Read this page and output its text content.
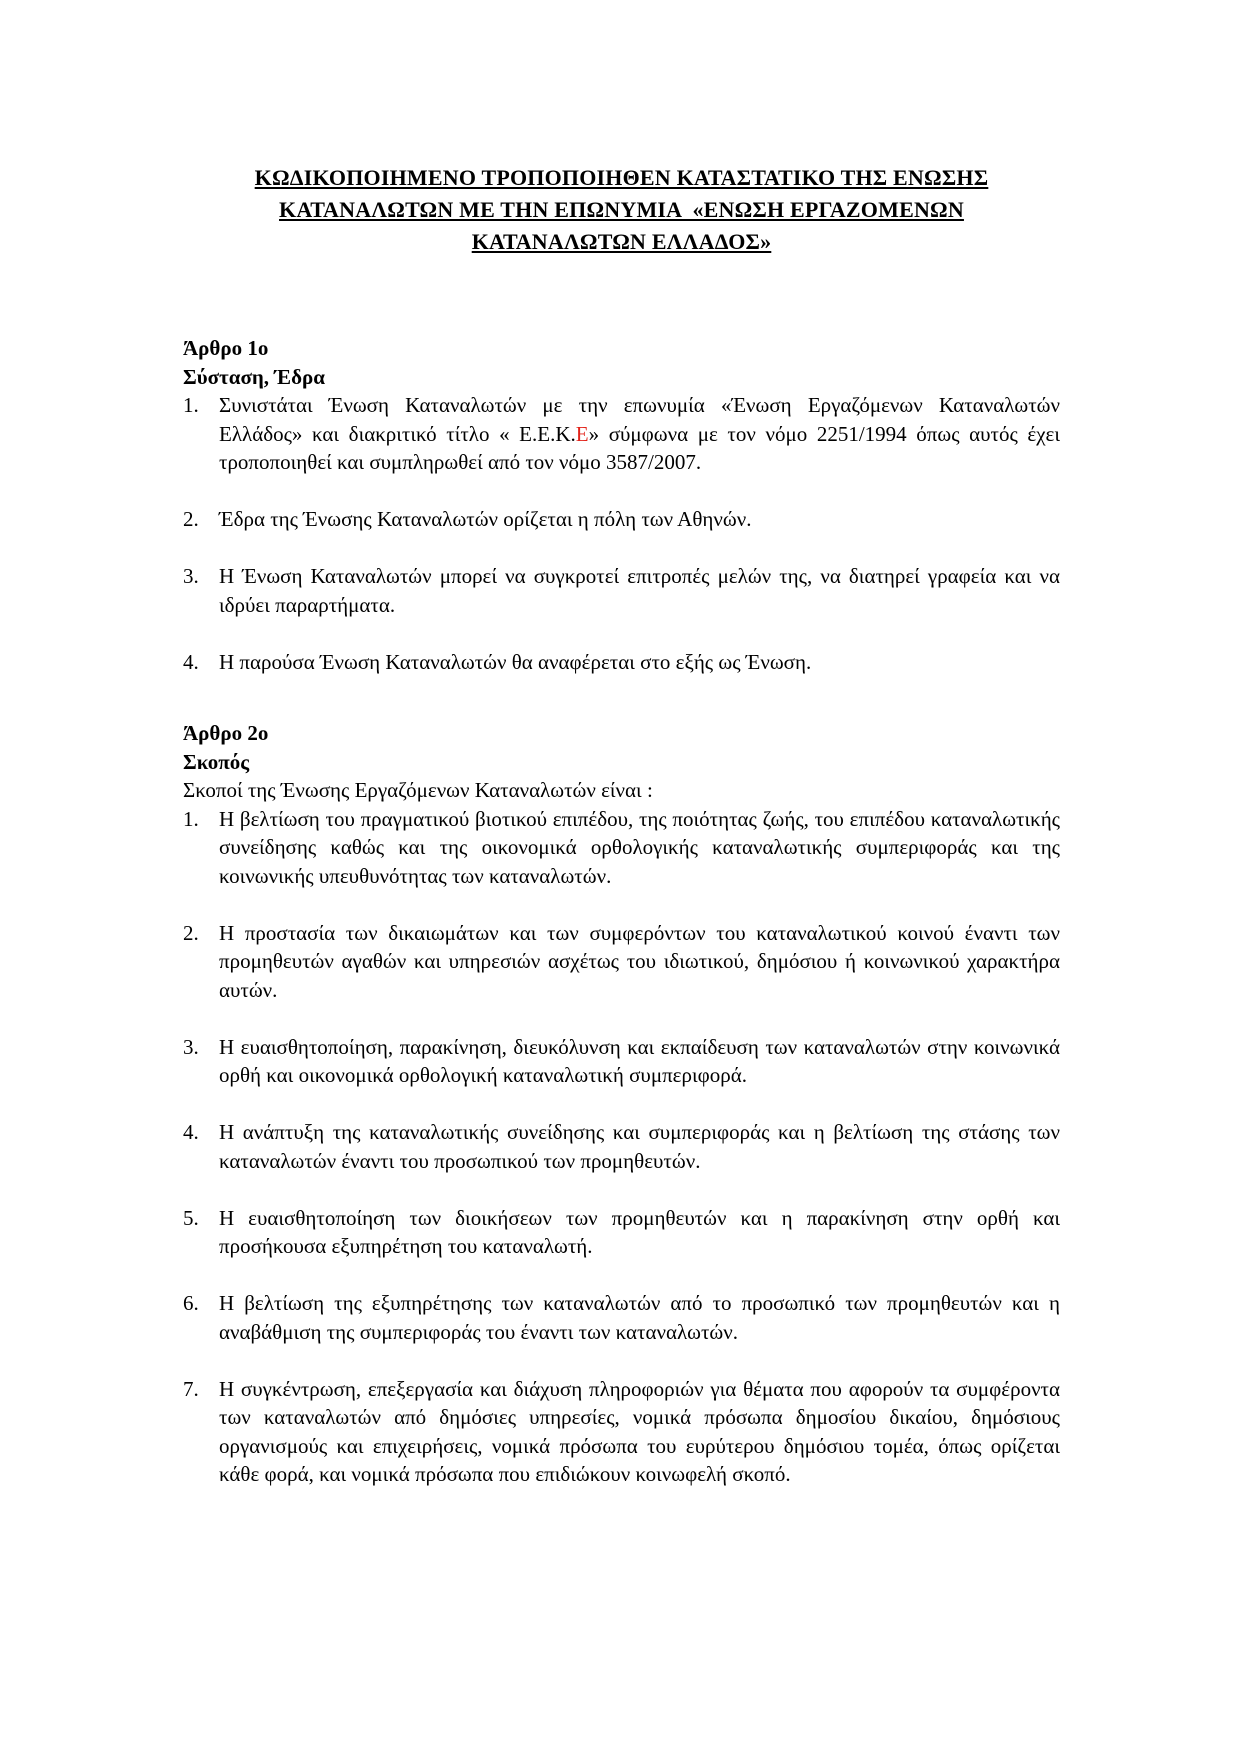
ΚΩΔΙΚΟΠΟΙΗΜΕΝΟ ΤΡΟΠΟΠΟΙΗΘΕΝ ΚΑΤΑΣΤΑΤΙΚΟ ΤΗΣ ΕΝΩΣΗΣ
ΚΑΤΑΝΑΛΩΤΩΝ ΜΕ ΤΗΝ ΕΠΩΝΥΜΙΑ  «ΕΝΩΣΗ ΕΡΓΑΖΟΜΕΝΩΝ
ΚΑΤΑΝΑΛΩΤΩΝ ΕΛΛΑΔΟΣ»
Άρθρο 1ο
Σύσταση, Έδρα
Συνιστάται Ένωση Καταναλωτών με την επωνυμία «Ένωση Εργαζόμενων Καταναλωτών Ελλάδος» και διακριτικό τίτλο « Ε.Ε.Κ.Ε» σύμφωνα με τον νόμο 2251/1994 όπως αυτός έχει τροποποιηθεί και συμπληρωθεί από τον νόμο 3587/2007.
Έδρα της Ένωσης Καταναλωτών ορίζεται η πόλη των Αθηνών.
Η Ένωση Καταναλωτών μπορεί να συγκροτεί επιτροπές μελών της, να διατηρεί γραφεία και να ιδρύει παραρτήματα.
Η παρούσα Ένωση Καταναλωτών θα αναφέρεται στο εξής ως Ένωση.
Άρθρο 2ο
Σκοπός

Σκοποί της Ένωσης Εργαζόμενων Καταναλωτών είναι :

Η βελτίωση του πραγματικού βιοτικού επιπέδου, της ποιότητας ζωής, του επιπέδου καταναλωτικής συνείδησης καθώς και της οικονομικά ορθολογικής καταναλωτικής συμπεριφοράς και της κοινωνικής υπευθυνότητας των καταναλωτών.
Η προστασία των δικαιωμάτων και των συμφερόντων του καταναλωτικού κοινού έναντι των προμηθευτών αγαθών και υπηρεσιών ασχέτως του ιδιωτικού, δημόσιου ή κοινωνικού χαρακτήρα αυτών.
Η ευαισθητοποίηση, παρακίνηση, διευκόλυνση και εκπαίδευση των καταναλωτών στην κοινωνικά ορθή και οικονομικά ορθολογική καταναλωτική συμπεριφορά.
Η ανάπτυξη της καταναλωτικής συνείδησης και συμπεριφοράς και η βελτίωση της στάσης των καταναλωτών έναντι του προσωπικού των προμηθευτών.
Η ευαισθητοποίηση των διοικήσεων των προμηθευτών και η παρακίνηση στην ορθή και προσήκουσα εξυπηρέτηση του καταναλωτή.
Η βελτίωση της εξυπηρέτησης των καταναλωτών από το προσωπικό των προμηθευτών και η αναβάθμιση της συμπεριφοράς του έναντι των καταναλωτών.
Η συγκέντρωση, επεξεργασία και διάχυση πληροφοριών για θέματα που αφορούν τα συμφέροντα των καταναλωτών από δημόσιες υπηρεσίες, νομικά πρόσωπα δημοσίου δικαίου, δημόσιους οργανισμούς και επιχειρήσεις, νομικά πρόσωπα του ευρύτερου δημόσιου τομέα, όπως ορίζεται κάθε φορά, και νομικά πρόσωπα που επιδιώκουν κοινωφελή σκοπό.
